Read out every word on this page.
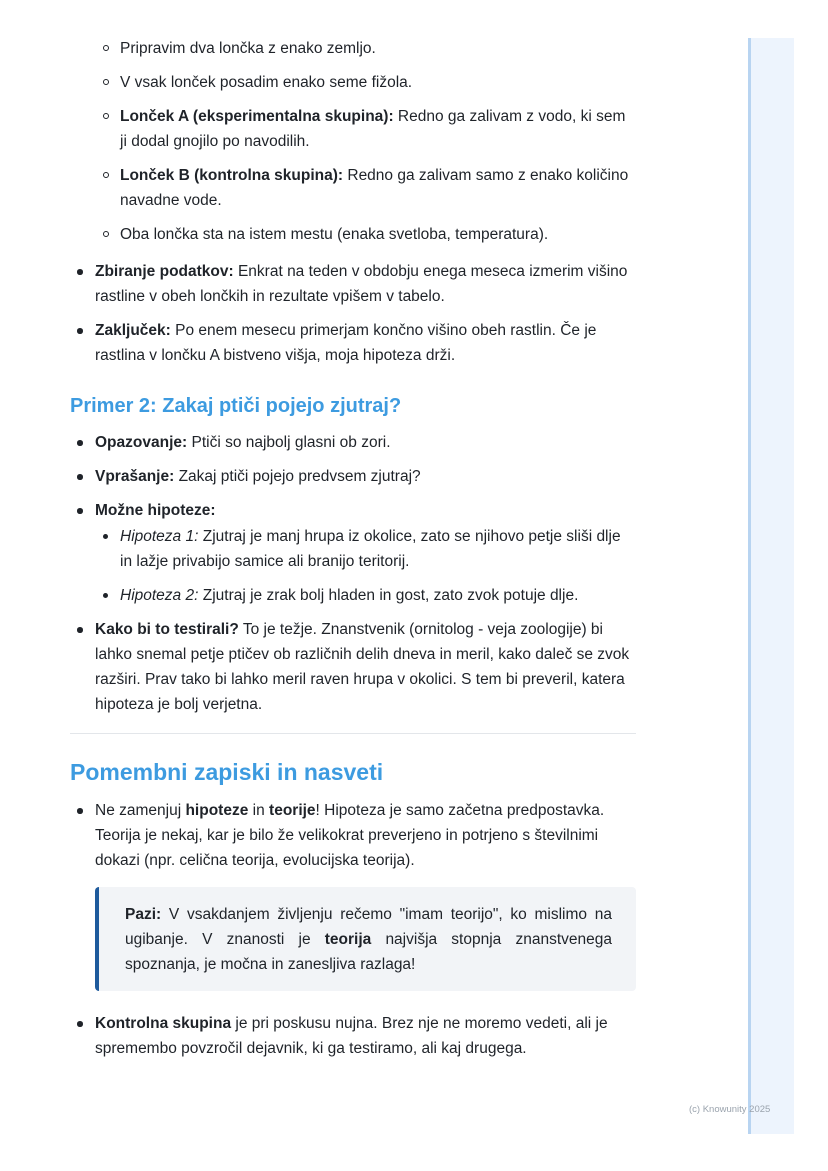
Pripravim dva lončka z enako zemljo.
V vsak lonček posadim enako seme fižola.
Lonček A (eksperimentalna skupina): Redno ga zalivam z vodo, ki sem ji dodal gnojilo po navodilih.
Lonček B (kontrolna skupina): Redno ga zalivam samo z enako količino navadne vode.
Oba lončka sta na istem mestu (enaka svetloba, temperatura).
Zbiranje podatkov: Enkrat na teden v obdobju enega meseca izmerim višino rastline v obeh lončkih in rezultate vpišem v tabelo.
Zaključek: Po enem mesecu primerjam končno višino obeh rastlin. Če je rastlina v lončku A bistveno višja, moja hipoteza drži.
Primer 2: Zakaj ptiči pojejo zjutraj?
Opazovanje: Ptiči so najbolj glasni ob zori.
Vprašanje: Zakaj ptiči pojejo predvsem zjutraj?
Možne hipoteze:
Hipoteza 1: Zjutraj je manj hrupa iz okolice, zato se njihovo petje sliši dlje in lažje privabijo samice ali branijo teritorij.
Hipoteza 2: Zjutraj je zrak bolj hladen in gost, zato zvok potuje dlje.
Kako bi to testirali? To je težje. Znanstvenik (ornitolog - veja zoologije) bi lahko snemal petje ptičev ob različnih delih dneva in meril, kako daleč se zvok razširi. Prav tako bi lahko meril raven hrupa v okolici. S tem bi preveril, katera hipoteza je bolj verjetna.
Pomembni zapiski in nasveti
Ne zamenjuj hipoteze in teorije! Hipoteza je samo začetna predpostavka. Teorija je nekaj, kar je bilo že velikokrat preverjeno in potrjeno s številnimi dokazi (npr. celična teorija, evolucijska teorija).
Pazi: V vsakdanjem življenju rečemo "imam teorijo", ko mislimo na ugibanje. V znanosti je teorija najvišja stopnja znanstvenega spoznanja, je močna in zanesljiva razlaga!
Kontrolna skupina je pri poskusu nujna. Brez nje ne moremo vedeti, ali je spremembo povzročil dejavnik, ki ga testiramo, ali kaj drugega.
(c) Knowunity 2025
